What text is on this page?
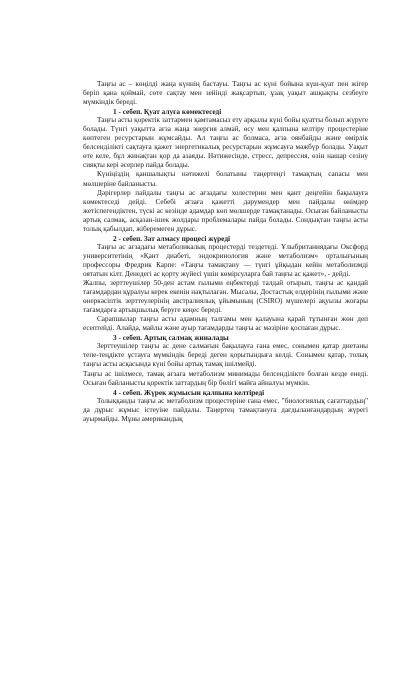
Таңғы ас – көңілді жаңа күннің бастауы. Таңғы ас күні бойына күш-қуат пен жігер беріп қана қоймай, сөте сақтау мен зейінді жақсартып, ұзақ уақыт ашқықты сезбеуге мүмкіндік береді.

1 - себеп. Қуат алуға көмектеседі

Таңғы асты қоректік заттармен қамтамасыз ету арқылы күні бойы қуатты болып жүруге болады. Түнгі уақытта ағза жаңа энергия алмай, өсу мен қалпына келтіру процестеріне көптеген ресурстарын жұмсайды. Ал таңғы ас болмаса, ағза оянбайды және өмірлік белсенділікті сақтауға қажет энергетикалық ресурстарын жұмсауға мәжбүр болады. Уақыт өте келе, бұл жинақтан қор да азаяды. Нәтижесінде, стресс, депрессия, өзін нашар сезіну сияқты кері әсерлер пайда болады.

Күніңіздің қаншалықты нәтижелі болатыны таңертеңгі тамақтың сапасы мен мөлшеріне байланысты.

Дәрігерлер пайдалы таңғы ас ағзадағы холестерин мен қант деңгейін бақылауға көмектеседі дейді. Себебі ағзаға қажетті дәрумендер мен пайдалы өнімдер жетіспегендіктен, түскі ас кезінде адамдар көп мөлшерде тамақтанады. Осыған байланысты артық салмақ, асқазан-ішек жолдары проблемалары пайда болады. Сондықтан таңғы асты толық қабылдап, жіберемеген дұрыс.

2 - себеп. Зат алмасу процесі жүреді

Таңғы ас ағзадағы метаболикалық процестерді тездетеді. Ұлыбританиядағы Оксфорд университетінің «Қант диабеті, эндокринология және метаболизм» орталығының профессоры Фредрик Карпе: «Таңғы тамақтану — түнгі ұйқыдан кейін метаболизмді оятатын кілт. Денедегі ас қорту жүйесі үшін көмірсуларға бай таңғы ас қажет», - дейді.

Жалпы, зерттеушілер 50-ден астам ғылыми еңбектерді талдай отырып, таңғы ас қандай тағамдардан құралуы керек екенін нақтылаған. Мысалы, Достастық елдерінің ғылыми және өнеркәсіптік зерттеулерінің австралиялық ұйымының (CSIRO) мүшелері ақуызы жоғары тағамдарға артықшылық беруге кеңес береді.

Сарапшылар таңғы асты адамның талғамы мен қалауына қарай тұтынған жөн деп есептейді. Алайда, майлы және ауыр тағамдарды таңғы ас мәзіріне қоспаған дұрыс.

3 - себеп. Артық салмақ жиналады

Зерттеушілер таңғы ас дене салмағын бақылауға ғана емес, сонымен қатар диетаны тепе-теңдікте ұстауға мүмкіндік береді деген қорытындыға келді. Сонымен қатар, толық таңғы асты асқасында күні бойы артық тамақ ішілмейді.

Таңғы ас ішілмесе, тамақ ағзаға метаболизм минимады белсенділікте болған кезде енеді. Осыған байланысты қоректік заттардың бір бөлігі майға айналуы мүмкін.

4 - себеп. Жүрек жұмысын қалпына келтіреді

Толыққанды таңғы ас метаболизм процестеріне ғана емес, "биологиялық сағаттардың" да дұрыс жұмыс істеуіне пайдалы. Таңертең тамақтануға дағдыланғандардың жүрегі ауырмайды. Мұны американдық
